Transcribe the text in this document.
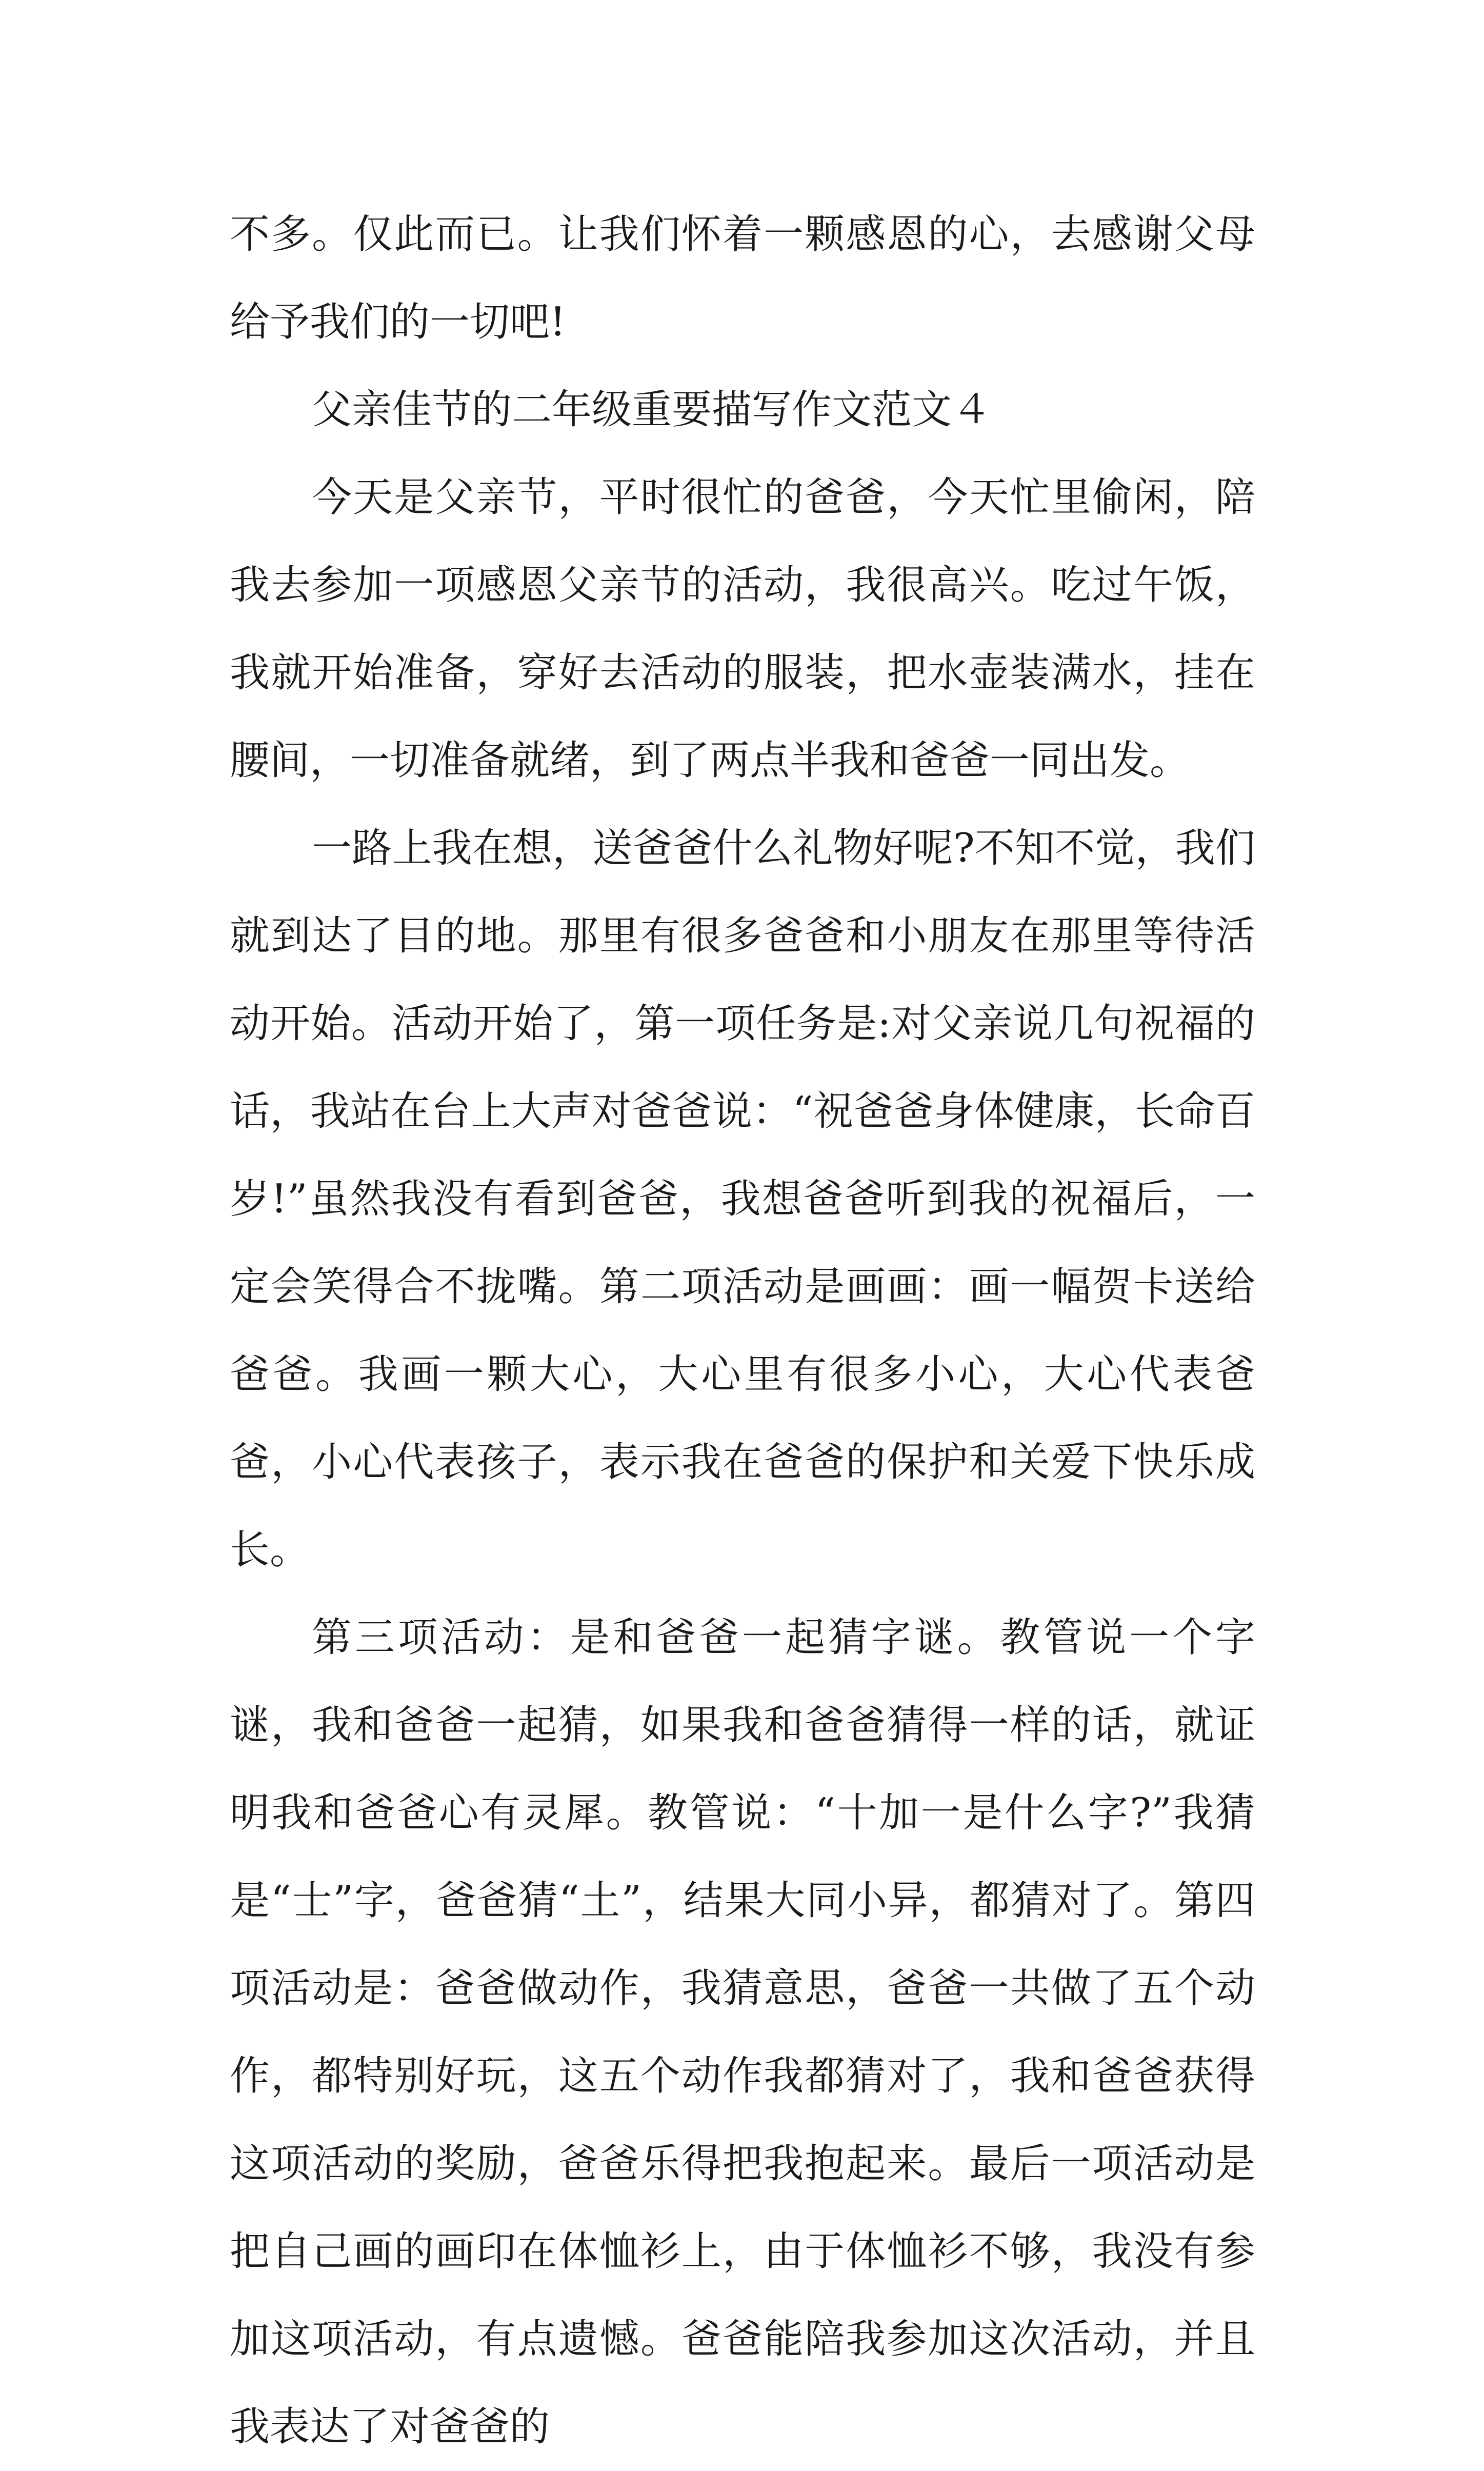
不多。仅此而已。让我们怀着一颗感恩的心，去感谢父母给予我们的一切吧!

父亲佳节的二年级重要描写作文范文４

今天是父亲节，平时很忙的爸爸，今天忙里偷闲，陪我去参加一项感恩父亲节的活动，我很高兴。吃过午饭，我就开始准备，穿好去活动的服装，把水壶装满水，挂在腰间，一切准备就绪，到了两点半我和爸爸一同出发。

一路上我在想，送爸爸什么礼物好呢?不知不觉，我们就到达了目的地。那里有很多爸爸和小朋友在那里等待活动开始。活动开始了，第一项任务是:对父亲说几句祝福的话，我站在台上大声对爸爸说：“祝爸爸身体健康，长命百岁!”虽然我没有看到爸爸，我想爸爸听到我的祝福后，一定会笑得合不拢嘴。第二项活动是画画：画一幅贺卡送给爸爸。我画一颗大心，大心里有很多小心，大心代表爸爸，小心代表孩子，表示我在爸爸的保护和关爱下快乐成长。

第三项活动：是和爸爸一起猜字谜。教管说一个字谜，我和爸爸一起猜，如果我和爸爸猜得一样的话，就证明我和爸爸心有灵犀。教管说：“十加一是什么字?”我猜是“士”字，爸爸猜“土”，结果大同小异，都猜对了。第四项活动是：爸爸做动作，我猜意思，爸爸一共做了五个动作，都特别好玩，这五个动作我都猜对了，我和爸爸获得这项活动的奖励，爸爸乐得把我抱起来。最后一项活动是把自己画的画印在体恤衫上，由于体恤衫不够，我没有参加这项活动，有点遗憾。爸爸能陪我参加这次活动，并且我表达了对爸爸的
